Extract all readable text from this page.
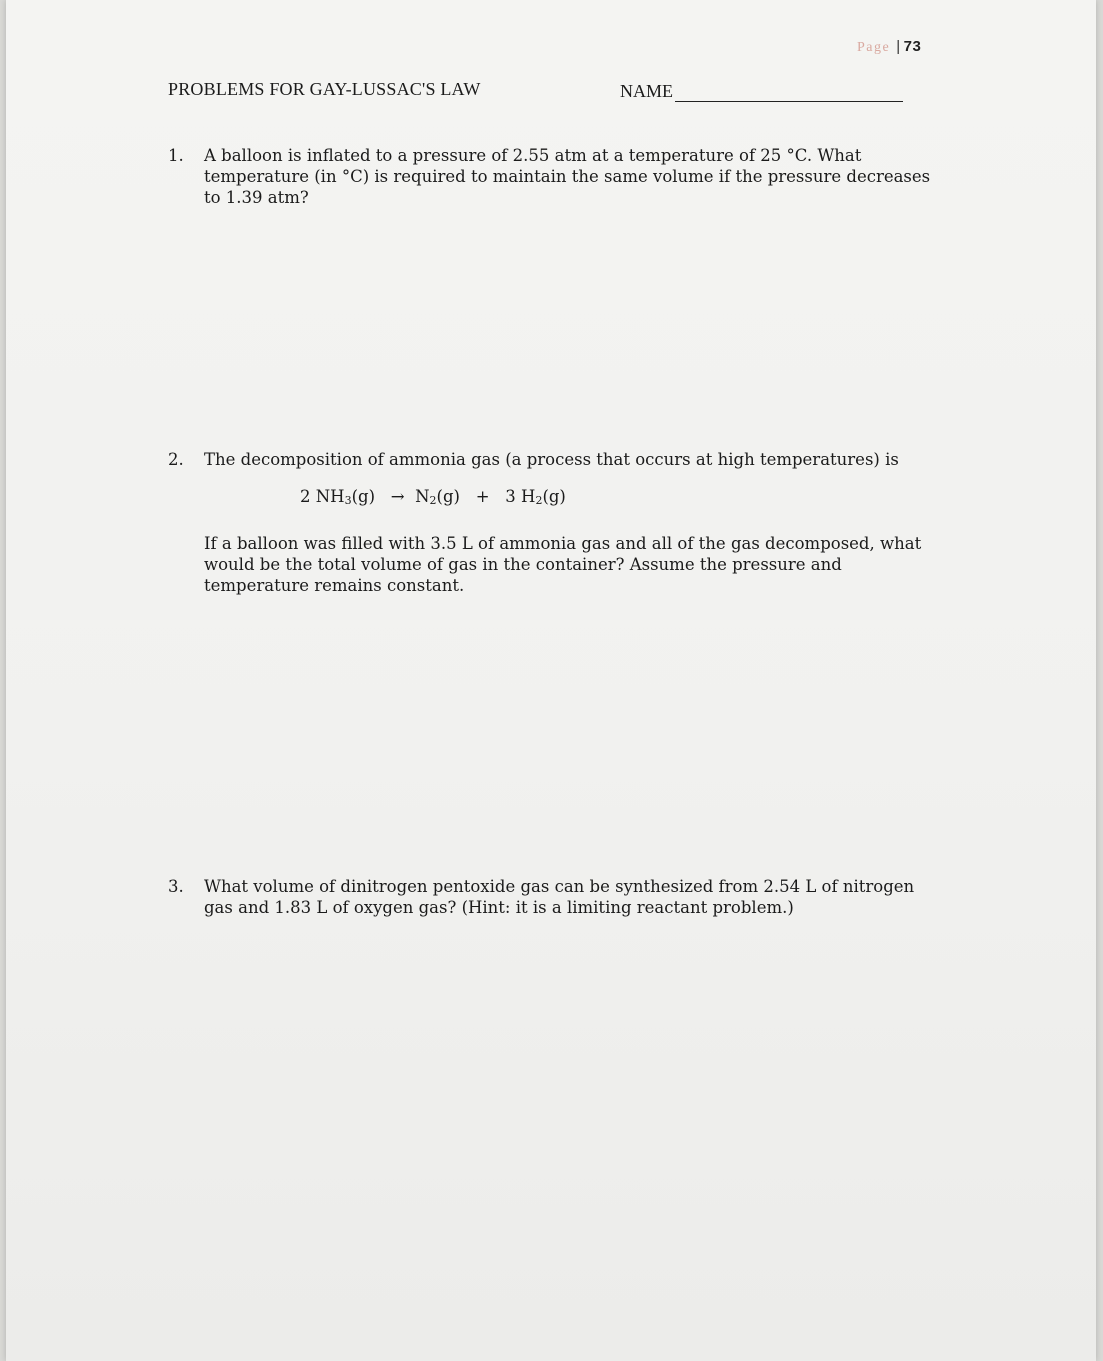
Page | 73
PROBLEMS FOR GAY-LUSSAC'S LAW	NAME
1. A balloon is inflated to a pressure of 2.55 atm at a temperature of 25 °C. What temperature (in °C) is required to maintain the same volume if the pressure decreases to 1.39 atm?
2. The decomposition of ammonia gas (a process that occurs at high temperatures) is
2 $NH_3(g) \to N_2(g) + 3$ $H_2(g)$
If a balloon was filled with 3.5 L of ammonia gas and all of the gas decomposed, what would be the total volume of gas in the container? Assume the pressure and temperature remains constant.
3. What volume of dinitrogen pentoxide gas can be synthesized from 2.54 L of nitrogen gas and 1.83 L of oxygen gas? (Hint: it is a limiting reactant problem.)
